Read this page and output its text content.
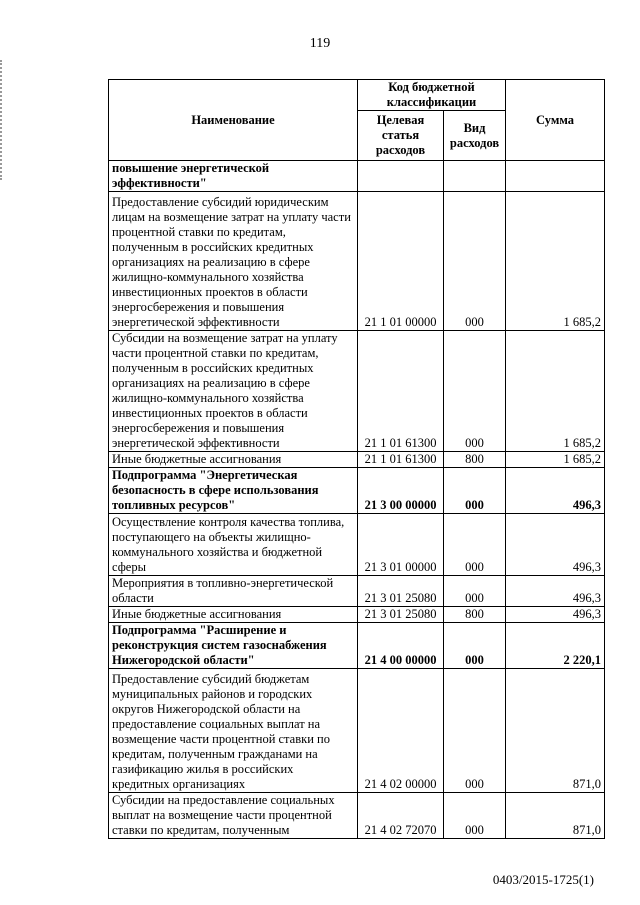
119
Наименование	Код бюджетной классификации		Сумма
	Целевая статья расходов	Вид расходов	
повышение энергетической эффективности"			
Предоставление субсидий юридическим лицам на возмещение затрат на уплату части процентной ставки по кредитам, полученным в российских кредитных организациях на реализацию в сфере жилищно-коммунального хозяйства инвестиционных проектов в области энергосбережения и повышения энергетической эффективности	21 1 01 00000	000	1 685,2
Субсидии на возмещение затрат на уплату части процентной ставки по кредитам, полученным в российских кредитных организациях на реализацию в сфере жилищно-коммунального хозяйства инвестиционных проектов в области энергосбережения и повышения энергетической эффективности	21 1 01 61300	000	1 685,2
Иные бюджетные ассигнования	21 1 01 61300	800	1 685,2
Подпрограмма "Энергетическая безопасность в сфере использования топливных ресурсов"	21 3 00 00000	000	496,3
Осуществление контроля качества топлива, поступающего на объекты жилищно-коммунального хозяйства и бюджетной сферы	21 3 01 00000	000	496,3
Мероприятия в топливно-энергетической области	21 3 01 25080	000	496,3
Иные бюджетные ассигнования	21 3 01 25080	800	496,3
Подпрограмма "Расширение и реконструкция систем газоснабжения Нижегородской области"	21 4 00 00000	000	2 220,1
Предоставление субсидий бюджетам муниципальных районов и городских округов Нижегородской области на предоставление социальных выплат на возмещение части процентной ставки по кредитам, полученным гражданами на газификацию жилья в российских кредитных организациях	21 4 02 00000	000	871,0
Субсидии на предоставление социальных выплат на возмещение части процентной ставки по кредитам, полученным	21 4 02 72070	000	871,0
0403/2015-1725(1)
